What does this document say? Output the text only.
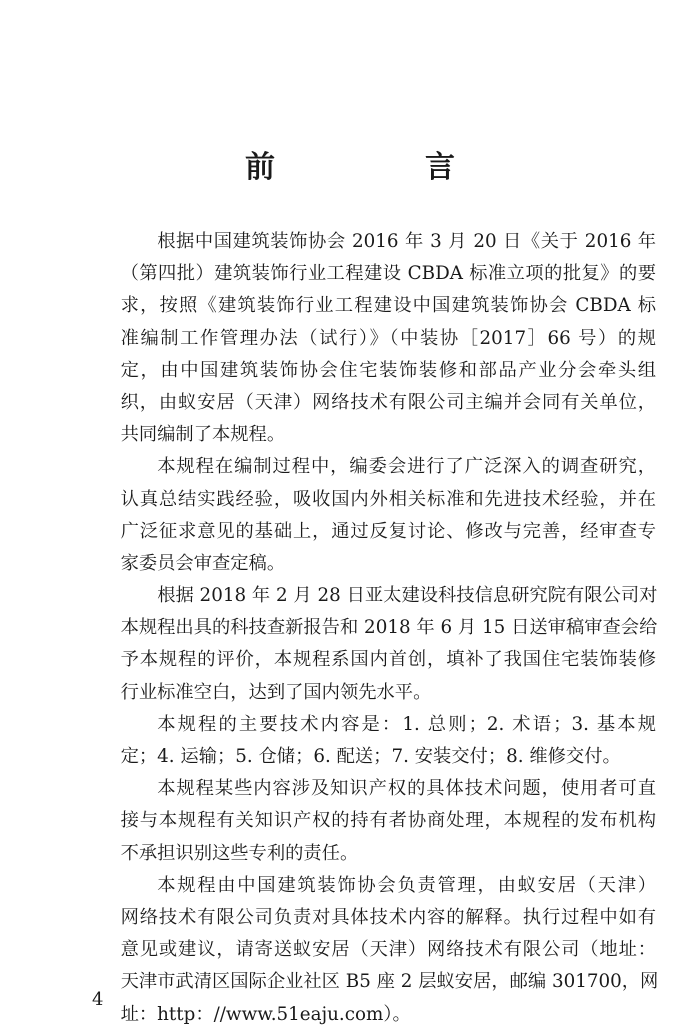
前　言

根据中国建筑装饰协会 2016 年 3 月 20 日《关于 2016 年
（第四批）建筑装饰行业工程建设 CBDA 标准立项的批复》的要
求，按照《建筑装饰行业工程建设中国建筑装饰协会 CBDA 标
准编制工作管理办法（试行）》（中装协［2017］66 号）的规
定，由中国建筑装饰协会住宅装饰装修和部品产业分会牵头组
织，由蚁安居（天津）网络技术有限公司主编并会同有关单位，
共同编制了本规程。

本规程在编制过程中，编委会进行了广泛深入的调查研究，
认真总结实践经验，吸收国内外相关标准和先进技术经验，并在
广泛征求意见的基础上，通过反复讨论、修改与完善，经审查专
家委员会审查定稿。

根据 2018 年 2 月 28 日亚太建设科技信息研究院有限公司对
本规程出具的科技查新报告和 2018 年 6 月 15 日送审稿审查会给
予本规程的评价，本规程系国内首创，填补了我国住宅装饰装修
行业标准空白，达到了国内领先水平。

本规程的主要技术内容是：1. 总则；2. 术语；3. 基本规
定；4. 运输；5. 仓储；6. 配送；7. 安装交付；8. 维修交付。

本规程某些内容涉及知识产权的具体技术问题，使用者可直
接与本规程有关知识产权的持有者协商处理，本规程的发布机构
不承担识别这些专利的责任。

本规程由中国建筑装饰协会负责管理，由蚁安居（天津）
网络技术有限公司负责对具体技术内容的解释。执行过程中如有
意见或建议，请寄送蚁安居（天津）网络技术有限公司（地址：
天津市武清区国际企业社区 B5 座 2 层蚁安居，邮编 301700，网
址：http：//www.51eaju.com）。

4
